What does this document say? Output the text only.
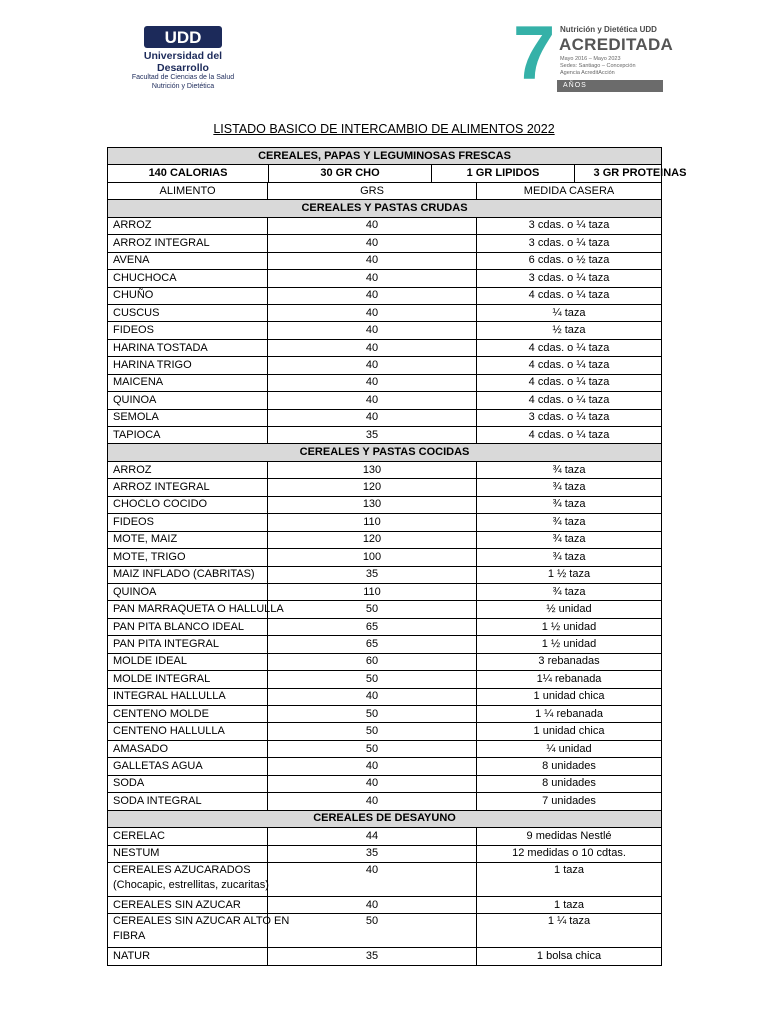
UDD
Universidad del Desarrollo
Facultad de Ciencias de la Salud
Nutrición y Dietética	7 Nutrición y Dietética UDD
ACREDITADA
Mayo 2016 – Mayo 2023
Sedes: Santiago – Concepción
Agencia AcreditAcción
AÑOS
LISTADO BASICO DE INTERCAMBIO DE ALIMENTOS 2022
CEREALES, PAPAS Y LEGUMINOSAS FRESCAS

140 CALORIAS	30 GR CHO	1 GR LIPIDOS	3 GR PROTEINAS

ALIMENTO	GRS	MEDIDA CASERA
CEREALES Y PASTAS CRUDAS

ARROZ	40	3 cdas. o ¼ taza

ARROZ INTEGRAL	40	3 cdas. o ¼ taza

AVENA	40	6 cdas. o ½ taza

CHUCHOCA	40	3 cdas. o ¼ taza

CHUÑO	40	4 cdas. o ¼ taza

CUSCUS	40	¼ taza

FIDEOS	40	½ taza

HARINA TOSTADA	40	4 cdas. o ¼ taza

HARINA TRIGO	40	4 cdas. o ¼ taza

MAICENA	40	4 cdas. o ¼ taza

QUINOA	40	4 cdas. o ¼ taza

SEMOLA	40	3 cdas. o ¼ taza

TAPIOCA	35	4 cdas. o ¼ taza
CEREALES Y PASTAS COCIDAS

ARROZ	130	¾ taza

ARROZ INTEGRAL	120	¾ taza

CHOCLO COCIDO	130	¾ taza

FIDEOS	110	¾ taza

MOTE, MAIZ	120	¾ taza

MOTE, TRIGO	100	¾ taza

MAIZ INFLADO (CABRITAS)	35	1 ½ taza

QUINOA	110	¾ taza

PAN MARRAQUETA O HALLULLA	50	½ unidad

PAN PITA BLANCO IDEAL	65	1 ½ unidad

PAN PITA INTEGRAL	65	1 ½ unidad

MOLDE IDEAL	60	3 rebanadas

MOLDE INTEGRAL	50	1¼ rebanada

INTEGRAL HALLULLA	40	1 unidad chica

CENTENO MOLDE	50	1 ¼ rebanada

CENTENO HALLULLA	50	1 unidad chica

AMASADO	50	¼ unidad

GALLETAS AGUA	40	8 unidades

SODA	40	8 unidades

SODA INTEGRAL	40	7 unidades
CEREALES DE DESAYUNO

CERELAC	44	9 medidas Nestlé

NESTUM	35	12 medidas o 10 cdtas.

CEREALES AZUCARADOS
(Chocapic, estrellitas, zucaritas)
	40	1 taza

CEREALES SIN AZUCAR	40	1 taza

CEREALES SIN AZUCAR ALTO EN
FIBRA
	50	1 ¼ taza

NATUR	35	1 bolsa chica
